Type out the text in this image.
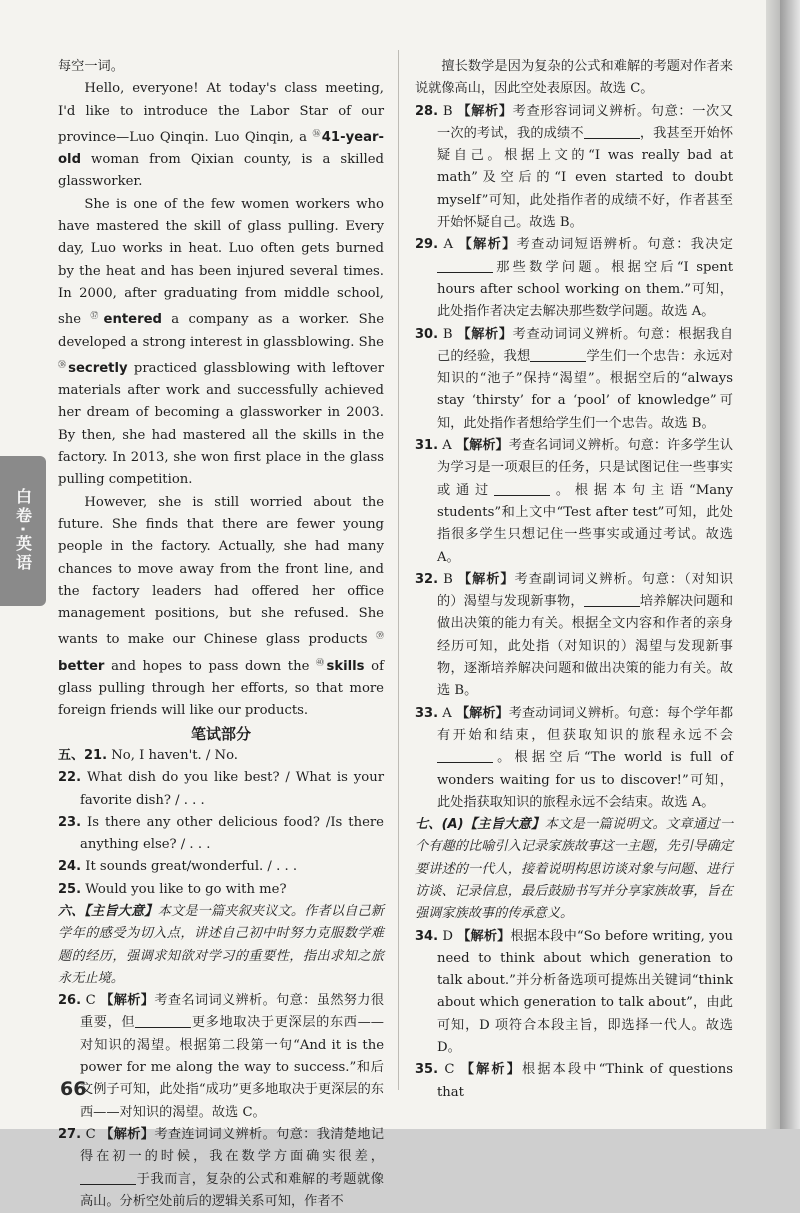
白卷·英语

每空一词。

Hello, everyone! At today's class meeting, I'd like to introduce the Labor Star of our province—Luo Qinqin. Luo Qinqin, a $^㊱$41-year-old woman from Qixian county, is a skilled glassworker.

She is one of the few women workers who have mastered the skill of glass pulling. Every day, Luo works in heat. Luo often gets burned by the heat and has been injured several times. In 2000, after graduating from middle school, she $^㊲$entered a company as a worker. She developed a strong interest in glassblowing. She $^㊳$secretly practiced glassblowing with leftover materials after work and successfully achieved her dream of becoming a glassworker in 2003. By then, she had mastered all the skills in the factory. In 2013, she won first place in the glass pulling competition.

However, she is still worried about the future. She finds that there are fewer young people in the factory. Actually, she had many chances to move away from the front line, and the factory leaders had offered her office management positions, but she refused. She wants to make our Chinese glass products $^㊴$better and hopes to pass down the $^㊵$skills of glass pulling through her efforts, so that more foreign friends will like our products.

笔试部分

五、21. No, I haven't. / No.

22. What dish do you like best? / What is your favorite dish? / . . .

23. Is there any other delicious food? /Is there anything else? / . . .

24. It sounds great/wonderful. / . . .

25. Would you like to go with me?

六、【主旨大意】本文是一篇夹叙夹议文。作者以自己新学年的感受为切入点，讲述自己初中时努力克服数学难题的经历，强调求知欲对学习的重要性，指出求知之旅永无止境。

26. C 【解析】考查名词词义辨析。句意：虽然努力很重要，但	更多地取决于更深层的东西——对知识的渴望。根据第二段第一句“And it is the power for me along the way to success.”和后文例子可知，此处指“成功”更多地取决于更深层的东西——对知识的渴望。故选 C。

27. C 【解析】考查连词词义辨析。句意：我清楚地记得在初一的时候，我在数学方面确实很差，于我而言，复杂的公式和难解的考题就像高山。分析空处前后的逻辑关系可知，作者不

擅长数学是因为复杂的公式和难解的考题对作者来说就像高山，因此空处表原因。故选 C。

28. B 【解析】考查形容词词义辨析。句意：一次又一次的考试，我的成绩不	，我甚至开始怀疑自己。根据上文的“I was really bad at math”及空后的“I even started to doubt myself”可知，此处指作者的成绩不好，作者甚至开始怀疑自己。故选 B。

29. A 【解析】考查动词短语辨析。句意：我决定那些数学问题。根据空后“I spent hours after school working on them.”可知，此处指作者决定去解决那些数学问题。故选 A。

30. B 【解析】考查动词词义辨析。句意：根据我自己的经验，我想	学生们一个忠告：永远对知识的“池子”保持“渴望”。根据空后的“always stay ‘thirsty’ for a ‘pool’ of knowledge”可知，此处指作者想给学生们一个忠告。故选 B。

31. A 【解析】考查名词词义辨析。句意：许多学生认为学习是一项艰巨的任务，只是试图记住一些事实或通过	。根据本句主语“Many students”和上文中“Test after test”可知，此处指很多学生只想记住一些事实或通过考试。故选 A。

32. B 【解析】考查副词词义辨析。句意：（对知识的）渴望与发现新事物，	培养解决问题和做出决策的能力有关。根据全文内容和作者的亲身经历可知，此处指（对知识的）渴望与发现新事物，逐渐培养解决问题和做出决策的能力有关。故选 B。

33. A 【解析】考查动词词义辨析。句意：每个学年都有开始和结束，但获取知识的旅程永远不会。根据空后“The world is full of wonders waiting for us to discover!”可知，此处指获取知识的旅程永远不会结束。故选 A。

七、(A)【主旨大意】本文是一篇说明文。文章通过一个有趣的比喻引入记录家族故事这一主题，先引导确定要讲述的一代人，接着说明构思访谈对象与问题、进行访谈、记录信息，最后鼓励书写并分享家族故事，旨在强调家族故事的传承意义。

34. D 【解析】根据本段中“So before writing, you need to think about which generation to talk about.”并分析备选项可提炼出关键词“think about which generation to talk about”，由此可知，D 项符合本段主旨，即选择一代人。故选 D。

35. C 【解析】根据本段中“Think of questions that

66
